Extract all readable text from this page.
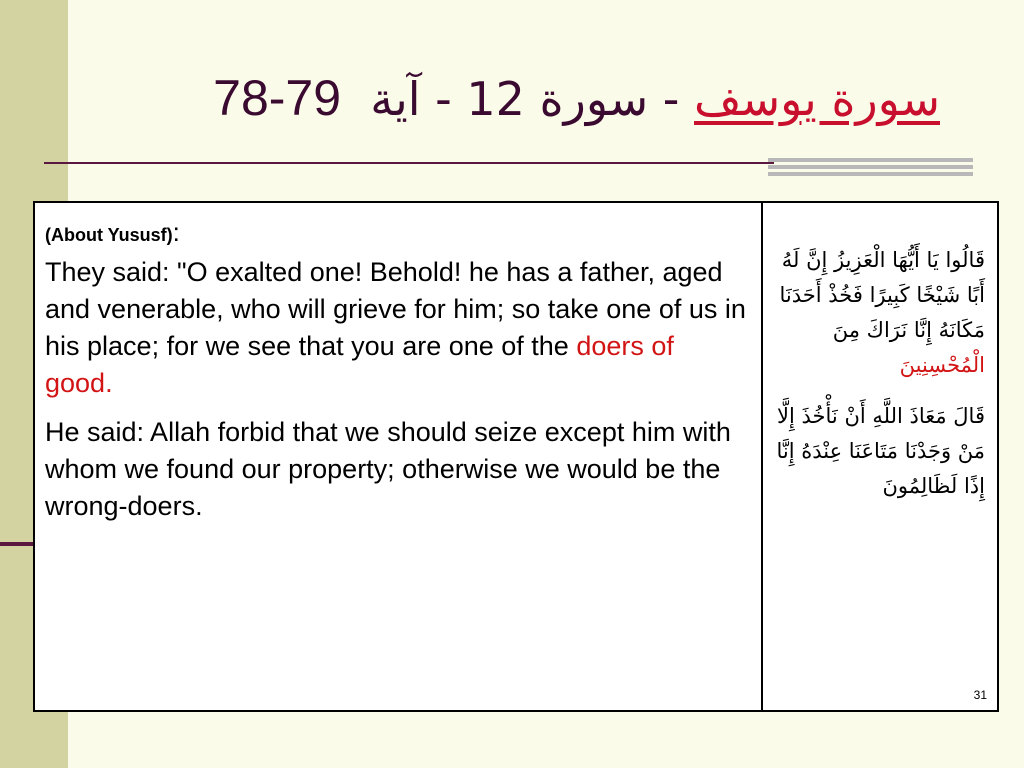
سورة يوسف - سورة 12 - آية  78-79
(About Yususf):

They said: "O exalted one! Behold! he has a father, aged and venerable, who will grieve for him; so take one of us in his place; for we see that you are one of the doers of good.

He said: Allah forbid that we should seize except him with whom we found our property; otherwise we would be the wrong-doers.

قَالُوا يَا أَيُّهَا الْعَزِيزُ إِنَّ لَهُ أَبًا شَيْخًا كَبِيرًا فَخُذْ أَحَدَنَا مَكَانَهُ إِنَّا نَرَاكَ مِنَ الْمُحْسِنِينَ
قَالَ مَعَاذَ اللَّهِ أَنْ نَأْخُذَ إِلَّا مَنْ وَجَدْنَا مَتَاعَنَا عِنْدَهُ إِنَّا إِذًا لَظَالِمُونَ
31
